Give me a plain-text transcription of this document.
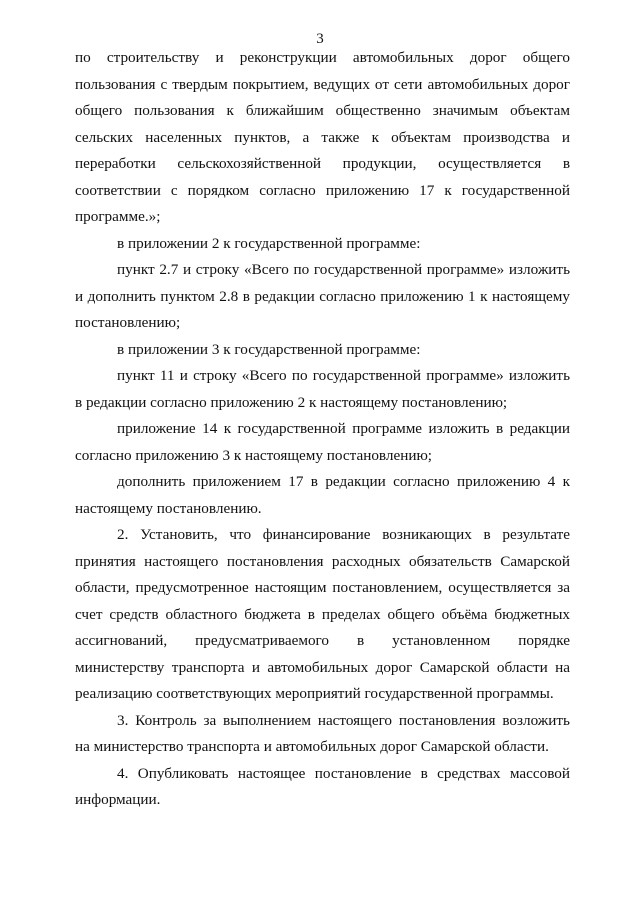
3
по строительству и реконструкции автомобильных дорог общего
пользования с твердым покрытием, ведущих от сети автомобильных дорог
общего пользования к ближайшим общественно значимым объектам
сельских населенных пунктов, а также к объектам производства и
переработки сельскохозяйственной продукции, осуществляется в
соответствии с порядком согласно приложению 17 к государственной
программе.»;
в приложении 2 к государственной программе:
пункт 2.7 и строку «Всего по государственной программе» изложить
и дополнить пунктом 2.8 в редакции согласно приложению 1 к настоящему
постановлению;
в приложении 3 к государственной программе:
пункт 11 и строку «Всего по государственной программе» изложить
в редакции согласно приложению 2 к настоящему постановлению;
приложение 14 к государственной программе изложить в редакции
согласно приложению 3 к настоящему постановлению;
дополнить приложением 17 в редакции согласно приложению 4 к
настоящему постановлению.
2. Установить, что финансирование возникающих в результате
принятия настоящего постановления расходных обязательств Самарской
области, предусмотренное настоящим постановлением, осуществляется за
счет средств областного бюджета в пределах общего объёма бюджетных
ассигнований, предусматриваемого в установленном порядке
министерству транспорта и автомобильных дорог Самарской области на
реализацию соответствующих мероприятий государственной программы.
3. Контроль за выполнением настоящего постановления возложить
на министерство транспорта и автомобильных дорог Самарской области.
4. Опубликовать настоящее постановление в средствах массовой
информации.
